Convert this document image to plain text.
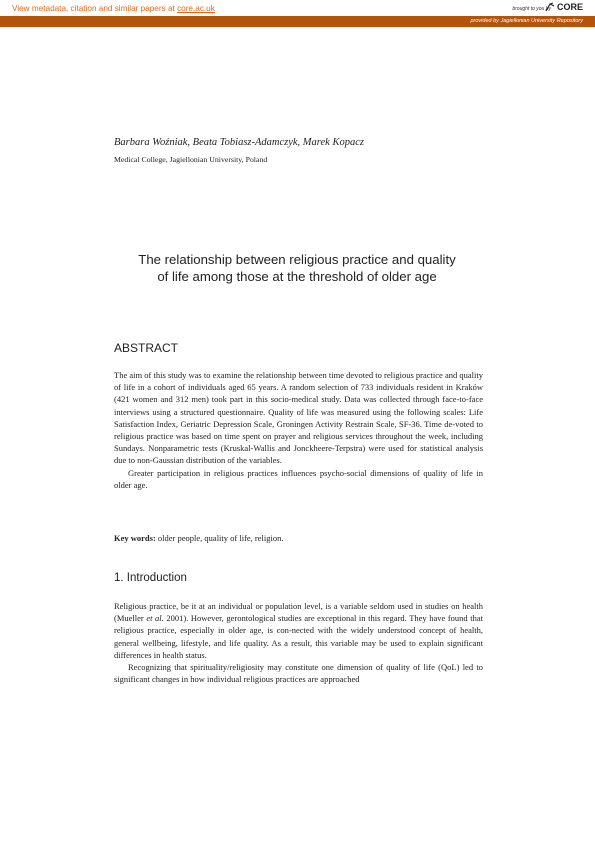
View metadata, citation and similar papers at core.ac.uk	brought to you by CORE
provided by Jagiellonian University Repository
Barbara Woźniak, Beata Tobiasz-Adamczyk, Marek Kopacz
Medical College, Jagiellonian University, Poland
The relationship between religious practice and quality
of life among those at the threshold of older age
ABSTRACT

The aim of this study was to examine the relationship between time devoted to religious practice and quality of life in a cohort of individuals aged 65 years. A random selection of 733 individuals resident in Kraków (421 women and 312 men) took part in this socio-medical study. Data was collected through face-to-face interviews using a structured questionnaire. Quality of life was measured using the following scales: Life Satisfaction Index, Geriatric Depression Scale, Groningen Activity Restrain Scale, SF-36. Time de-voted to religious practice was based on time spent on prayer and religious services throughout the week, including Sundays. Nonparametric tests (Kruskal-Wallis and Jonckheere-Terpstra) were used for statistical analysis due to non-Gaussian distribution of the variables.

Greater participation in religious practices influences psycho-social dimensions of quality of life in older age.

Key words: older people, quality of life, religion.
1. Introduction

Religious practice, be it at an individual or population level, is a variable seldom used in studies on health (Mueller et al. 2001). However, gerontological studies are exceptional in this regard. They have found that religious practice, especially in older age, is con-nected with the widely understood concept of health, general wellbeing, lifestyle, and life quality. As a result, this variable may be used to explain significant differences in health status.

Recognizing that spirituality/religiosity may constitute one dimension of quality of life (QoL) led to significant changes in how individual religious practices are approached
